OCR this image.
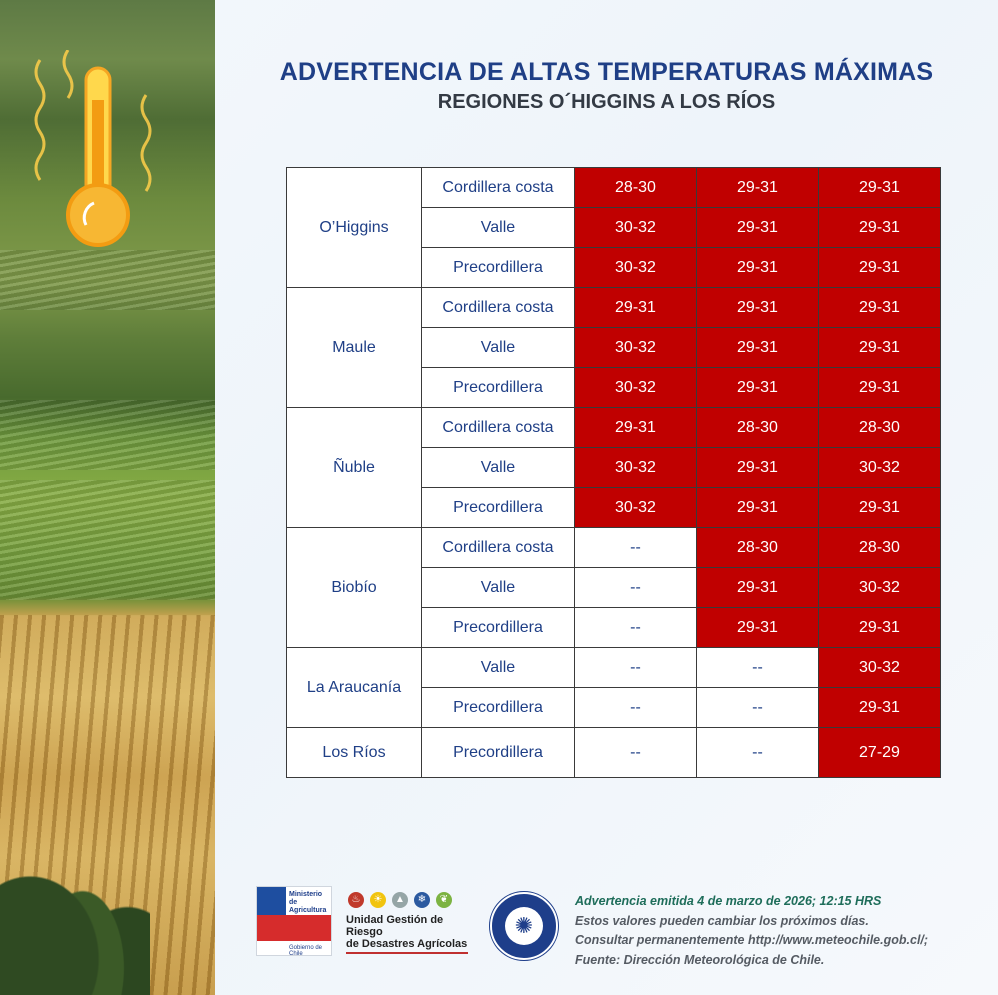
ADVERTENCIA DE ALTAS TEMPERATURAS MÁXIMAS
REGIONES O´HIGGINS A LOS RÍOS
O’Higgins	Cordillera costa	28-30	29-31	29-31
	Valle	30-32	29-31	29-31
	Precordillera	30-32	29-31	29-31
Maule	Cordillera costa	29-31	29-31	29-31
	Valle	30-32	29-31	29-31
	Precordillera	30-32	29-31	29-31
Ñuble	Cordillera costa	29-31	28-30	28-30
	Valle	30-32	29-31	30-32
	Precordillera	30-32	29-31	29-31
Biobío	Cordillera costa	--	28-30	28-30
	Valle	--	29-31	30-32
	Precordillera	--	29-31	29-31
La Araucanía	Valle	--	--	30-32
	Precordillera	--	--	29-31
Los Ríos	Precordillera	--	--	27-29
Ministerio de Agricultura
Gobierno de Chile
♨	☀	▲	❄	❦
Unidad Gestión de Riesgo
de Desastres Agrícolas
✺
Advertencia emitida 4 de marzo de 2026; 12:15 HRS
Estos valores pueden cambiar los próximos días.
Consultar permanentemente http://www.meteochile.gob.cl/;
Fuente: Dirección Meteorológica de Chile.
